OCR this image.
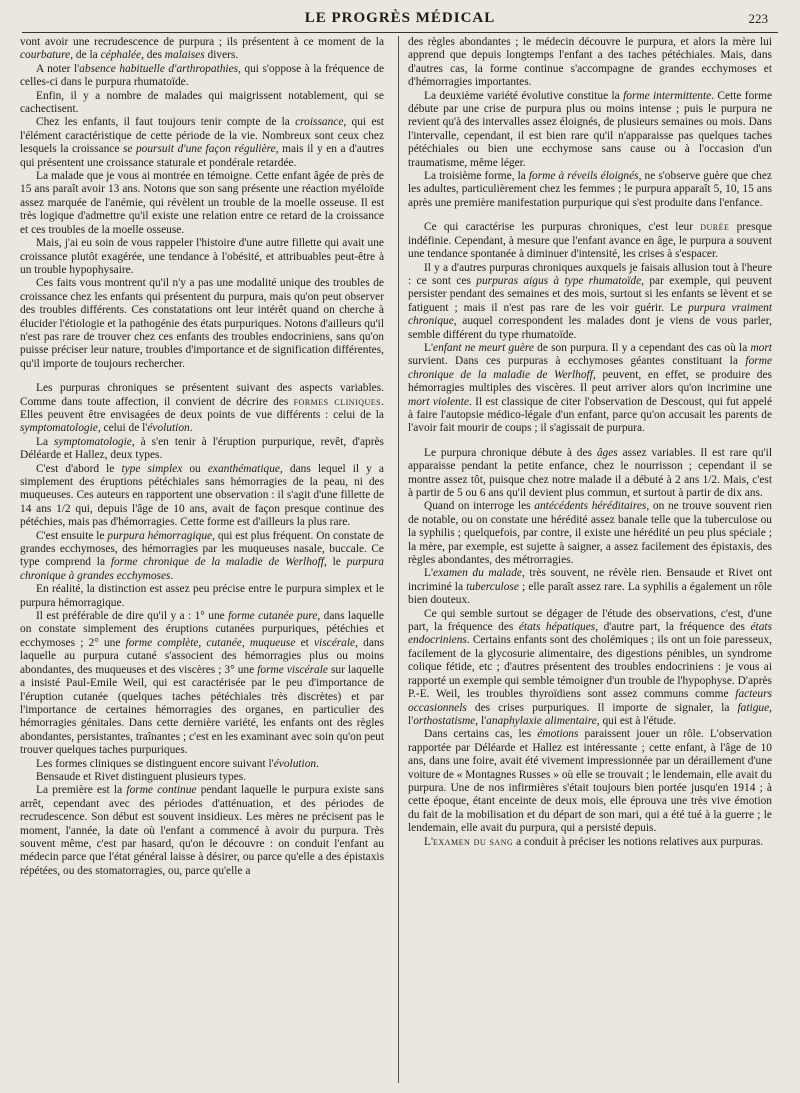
LE PROGRÈS MÉDICAL	223

vont avoir une recrudescence de purpura ; ils présentent à ce moment de la courbature, de la céphalée, des malaises divers.

A noter l'absence habituelle d'arthropathies, qui s'oppose à la fréquence de celles-ci dans le purpura rhumatoïde.

Enfin, il y a nombre de malades qui maigrissent notablement, qui se cachectisent.

Chez les enfants, il faut toujours tenir compte de la croissance, qui est l'élément caractéristique de cette période de la vie. Nombreux sont ceux chez lesquels la croissance se poursuit d'une façon régulière, mais il y en a d'autres qui présentent une croissance staturale et pondérale retardée.

La malade que je vous ai montrée en témoigne. Cette enfant âgée de près de 15 ans paraît avoir 13 ans. Notons que son sang présente une réaction myéloïde assez marquée de l'anémie, qui révèlent un trouble de la moelle osseuse. Il est très logique d'admettre qu'il existe une relation entre ce retard de la croissance et ces troubles de la moelle osseuse.

Mais, j'ai eu soin de vous rappeler l'histoire d'une autre fillette qui avait une croissance plutôt exagérée, une tendance à l'obésité, et attribuables peut-être à un trouble hypophysaire.

Ces faits vous montrent qu'il n'y a pas une modalité unique des troubles de croissance chez les enfants qui présentent du purpura, mais qu'on peut observer des troubles différents. Ces constatations ont leur intérêt quand on cherche à élucider l'étiologie et la pathogénie des états purpuriques. Notons d'ailleurs qu'il n'est pas rare de trouver chez ces enfants des troubles endocriniens, sans qu'on puisse préciser leur nature, troubles d'importance et de signification différentes, qu'il importe de toujours rechercher.

Les purpuras chroniques se présentent suivant des aspects variables. Comme dans toute affection, il convient de décrire des formes cliniques. Elles peuvent être envisagées de deux points de vue différents : celui de la symptomatologie, celui de l'évolution.

La symptomatologie, à s'en tenir à l'éruption purpurique, revêt, d'après Déléarde et Hallez, deux types.

C'est d'abord le type simplex ou exanthématique, dans lequel il y a simplement des éruptions pétéchiales sans hémorragies de la peau, ni des muqueuses. Ces auteurs en rapportent une observation : il s'agit d'une fillette de 14 ans 1/2 qui, depuis l'âge de 10 ans, avait de façon presque continue des pétéchies, mais pas d'hémorragies. Cette forme est d'ailleurs la plus rare.

C'est ensuite le purpura hémorragique, qui est plus fréquent. On constate de grandes ecchymoses, des hémorragies par les muqueuses nasale, buccale. Ce type comprend la forme chronique de la maladie de Werlhoff, le purpura chronique à grandes ecchymoses.

En réalité, la distinction est assez peu précise entre le purpura simplex et le purpura hémorragique.

Il est préférable de dire qu'il y a : 1° une forme cutanée pure, dans laquelle on constate simplement des éruptions cutanées purpuriques, pétéchies et ecchymoses ; 2° une forme complète, cutanée, muqueuse et viscérale, dans laquelle au purpura cutané s'associent des hémorragies plus ou moins abondantes, des muqueuses et des viscères ; 3° une forme viscérale sur laquelle a insisté Paul-Emile Weil, qui est caractérisée par le peu d'importance de l'éruption cutanée (quelques taches pétéchiales très discrètes) et par l'importance de certaines hémorragies des organes, en particulier des hémorragies génitales. Dans cette dernière variété, les enfants ont des règles abondantes, persistantes, traînantes ; c'est en les examinant avec soin qu'on peut trouver quelques taches purpuriques.

Les formes cliniques se distinguent encore suivant l'évolution.

Bensaude et Rivet distinguent plusieurs types.

La première est la forme continue pendant laquelle le purpura existe sans arrêt, cependant avec des périodes d'atténuation, et des périodes de recrudescence. Son début est souvent insidieux. Les mères ne précisent pas le moment, l'année, la date où l'enfant a commencé à avoir du purpura. Très souvent même, c'est par hasard, qu'on le découvre : on conduit l'enfant au médecin parce que l'état général laisse à désirer, ou parce qu'elle a des épistaxis répétées, ou des stomatorragies, ou, parce qu'elle a

des règles abondantes ; le médecin découvre le purpura, et alors la mère lui apprend que depuis longtemps l'enfant a des taches pétéchiales. Mais, dans d'autres cas, la forme continue s'accompagne de grandes ecchymoses et d'hémorragies importantes.

La deuxième variété évolutive constitue la forme intermittente. Cette forme débute par une crise de purpura plus ou moins intense ; puis le purpura ne revient qu'à des intervalles assez éloignés, de plusieurs semaines ou mois. Dans l'intervalle, cependant, il est bien rare qu'il n'apparaisse pas quelques taches pétéchiales ou bien une ecchymose sans cause ou à l'occasion d'un traumatisme, même léger.

La troisième forme, la forme à réveils éloignés, ne s'observe guère que chez les adultes, particulièrement chez les femmes ; le purpura apparaît 5, 10, 15 ans après une première manifestation purpurique qui s'est produite dans l'enfance.

Ce qui caractérise les purpuras chroniques, c'est leur durée presque indéfinie. Cependant, à mesure que l'enfant avance en âge, le purpura a souvent une tendance spontanée à diminuer d'intensité, les crises à s'espacer.

Il y a d'autres purpuras chroniques auxquels je faisais allusion tout à l'heure : ce sont ces purpuras aigus à type rhumatoïde, par exemple, qui peuvent persister pendant des semaines et des mois, surtout si les enfants se lèvent et se fatiguent ; mais il n'est pas rare de les voir guérir. Le purpura vraiment chronique, auquel correspondent les malades dont je viens de vous parler, semble différent du type rhumatoïde.

L'enfant ne meurt guère de son purpura. Il y a cependant des cas où la mort survient. Dans ces purpuras à ecchymoses géantes constituant la forme chronique de la maladie de Werlhoff, peuvent, en effet, se produire des hémorragies multiples des viscères. Il peut arriver alors qu'on incrimine une mort violente. Il est classique de citer l'observation de Descoust, qui fut appelé à faire l'autopsie médico-légale d'un enfant, parce qu'on accusait les parents de l'avoir fait mourir de coups ; il s'agissait de purpura.

Le purpura chronique débute à des âges assez variables. Il est rare qu'il apparaisse pendant la petite enfance, chez le nourrisson ; cependant il se montre assez tôt, puisque chez notre malade il a débuté à 2 ans 1/2. Mais, c'est à partir de 5 ou 6 ans qu'il devient plus commun, et surtout à partir de dix ans.

Quand on interroge les antécédents héréditaires, on ne trouve souvent rien de notable, ou on constate une hérédité assez banale telle que la tuberculose ou la syphilis ; quelquefois, par contre, il existe une hérédité un peu plus spéciale ; la mère, par exemple, est sujette à saigner, a assez facilement des épistaxis, des règles abondantes, des métrorragies.

L'examen du malade, très souvent, ne révèle rien. Bensaude et Rivet ont incriminé la tuberculose ; elle paraît assez rare. La syphilis a également un rôle bien douteux.

Ce qui semble surtout se dégager de l'étude des observations, c'est, d'une part, la fréquence des états hépatiques, d'autre part, la fréquence des états endocriniens. Certains enfants sont des cholémiques ; ils ont un foie paresseux, facilement de la glycosurie alimentaire, des digestions pénibles, un syndrome colique fétide, etc ; d'autres présentent des troubles endocriniens : je vous ai rapporté un exemple qui semble témoigner d'un trouble de l'hypophyse. D'après P.-E. Weil, les troubles thyroïdiens sont assez communs comme facteurs occasionnels des crises purpuriques. Il importe de signaler, la fatigue, l'orthostatisme, l'anaphylaxie alimentaire, qui est à l'étude.

Dans certains cas, les émotions paraissent jouer un rôle. L'observation rapportée par Déléarde et Hallez est intéressante ; cette enfant, à l'âge de 10 ans, dans une foire, avait été vivement impressionnée par un déraillement d'une voiture de « Montagnes Russes » où elle se trouvait ; le lendemain, elle avait du purpura. Une de nos infirmières s'était toujours bien portée jusqu'en 1914 ; à cette époque, étant enceinte de deux mois, elle éprouva une très vive émotion du fait de la mobilisation et du départ de son mari, qui a été tué à la guerre ; le lendemain, elle avait du purpura, qui a persisté depuis.

L'examen du sang a conduit à préciser les notions relatives aux purpuras.
